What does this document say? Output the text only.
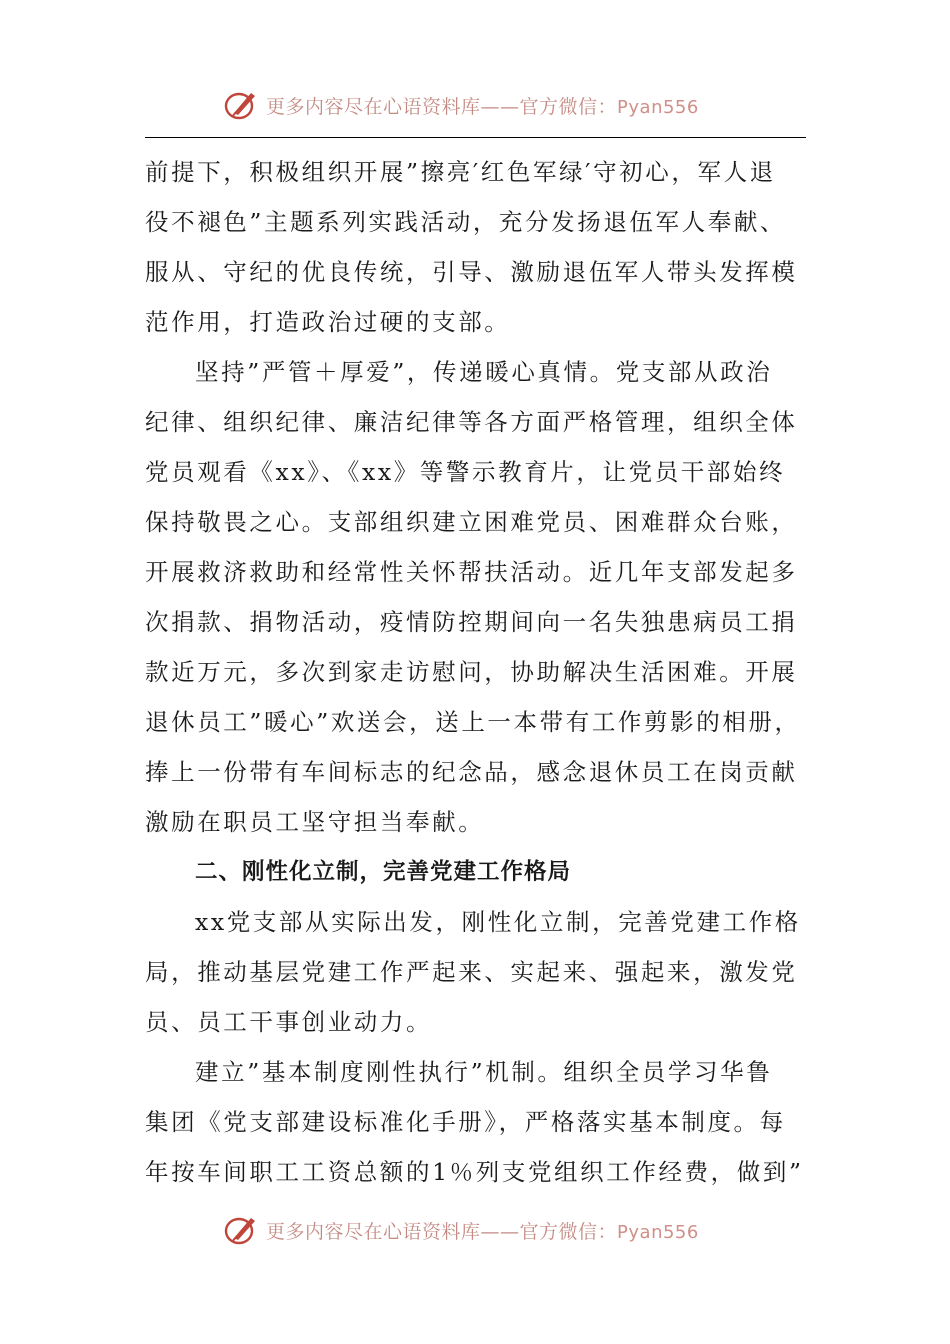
更多内容尽在心语资料库——官方微信：Pyan556
前提下，积极组织开展”擦亮′红色军绿′守初心，军人退
役不褪色”主题系列实践活动，充分发扬退伍军人奉献、
服从、守纪的优良传统，引导、激励退伍军人带头发挥模
范作用，打造政治过硬的支部。
坚持”严管＋厚爱”，传递暖心真情。党支部从政治
纪律、组织纪律、廉洁纪律等各方面严格管理，组织全体
党员观看《xx》、《xx》等警示教育片，让党员干部始终
保持敬畏之心。支部组织建立困难党员、困难群众台账，
开展救济救助和经常性关怀帮扶活动。近几年支部发起多
次捐款、捐物活动，疫情防控期间向一名失独患病员工捐
款近万元，多次到家走访慰问，协助解决生活困难。开展
退休员工”暖心”欢送会，送上一本带有工作剪影的相册，
捧上一份带有车间标志的纪念品，感念退休员工在岗贡献
激励在职员工坚守担当奉献。
二、刚性化立制，完善党建工作格局
xx党支部从实际出发，刚性化立制，完善党建工作格
局，推动基层党建工作严起来、实起来、强起来，激发党
员、员工干事创业动力。
建立”基本制度刚性执行”机制。组织全员学习华鲁
集团《党支部建设标准化手册》，严格落实基本制度。每
年按车间职工工资总额的1％列支党组织工作经费，做到”
更多内容尽在心语资料库——官方微信：Pyan556
